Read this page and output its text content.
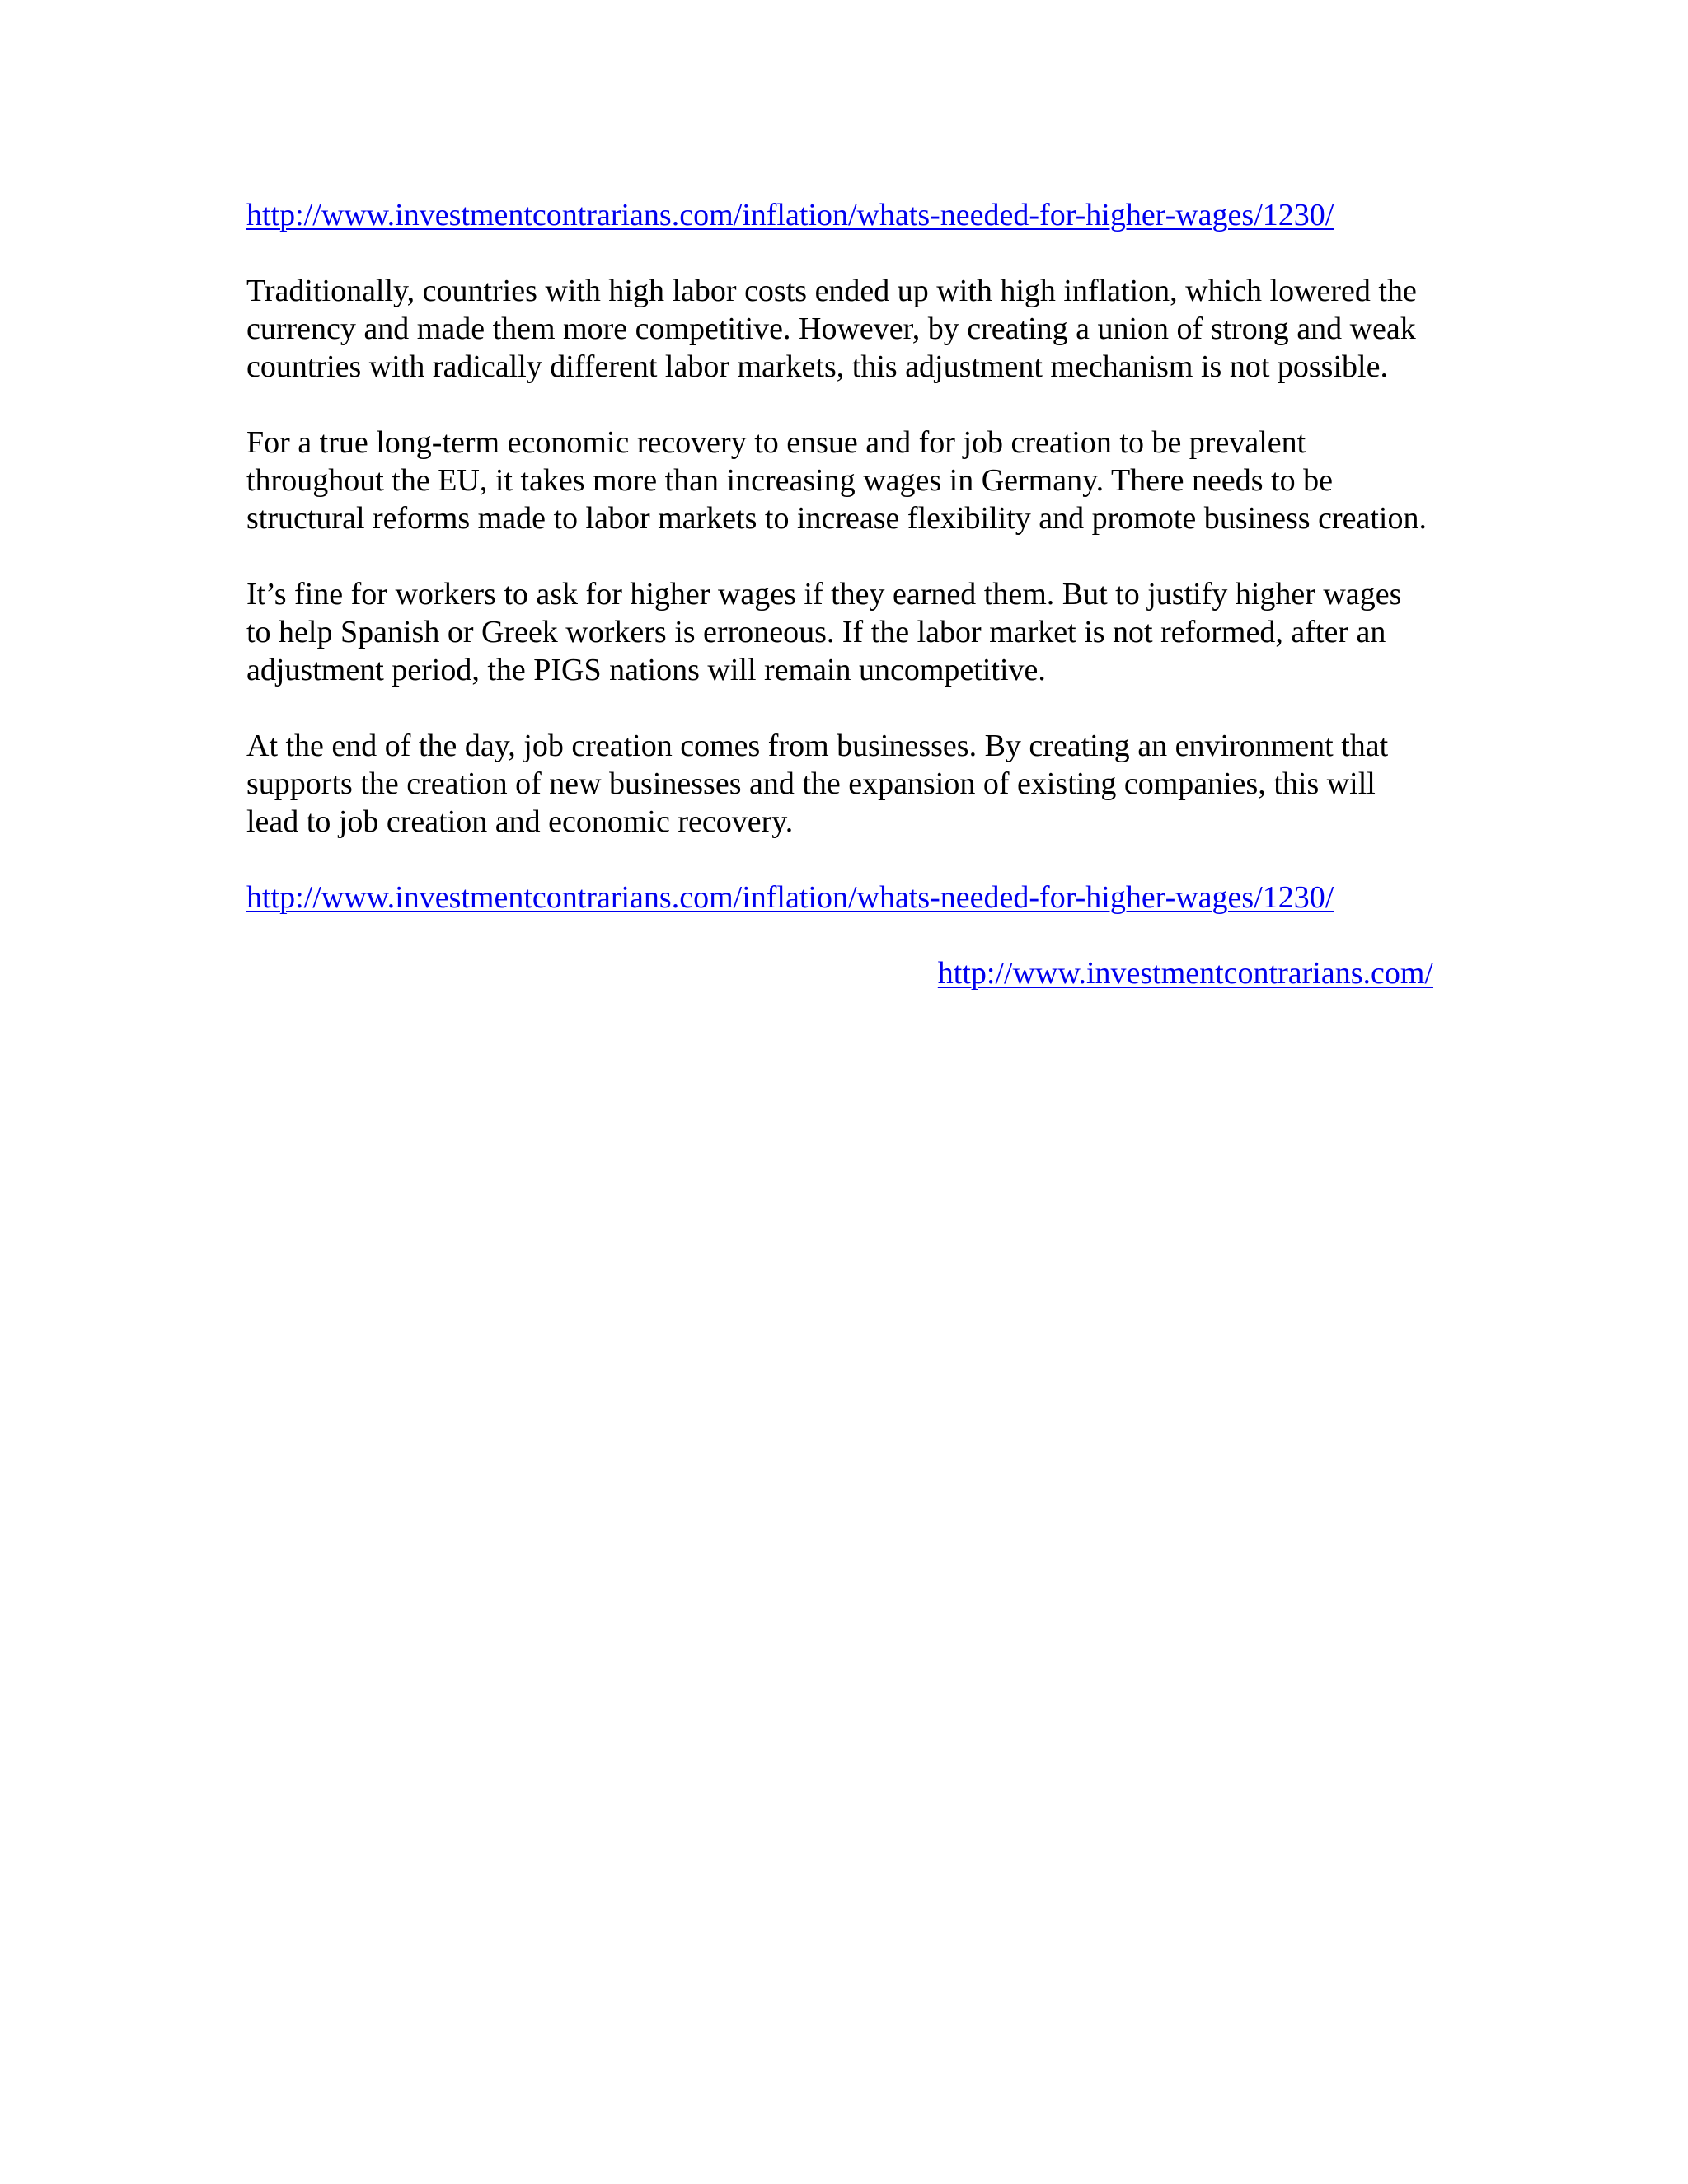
http://www.investmentcontrarians.com/inflation/whats-needed-for-higher-wages/1230/

Traditionally, countries with high labor costs ended up with high inflation, which lowered the currency and made them more competitive. However, by creating a union of strong and weak countries with radically different labor markets, this adjustment mechanism is not possible.

For a true long-term economic recovery to ensue and for job creation to be prevalent throughout the EU, it takes more than increasing wages in Germany. There needs to be structural reforms made to labor markets to increase flexibility and promote business creation.

It’s fine for workers to ask for higher wages if they earned them. But to justify higher wages to help Spanish or Greek workers is erroneous. If the labor market is not reformed, after an adjustment period, the PIGS nations will remain uncompetitive.

At the end of the day, job creation comes from businesses. By creating an environment that supports the creation of new businesses and the expansion of existing companies, this will lead to job creation and economic recovery.

http://www.investmentcontrarians.com/inflation/whats-needed-for-higher-wages/1230/

http://www.investmentcontrarians.com/
